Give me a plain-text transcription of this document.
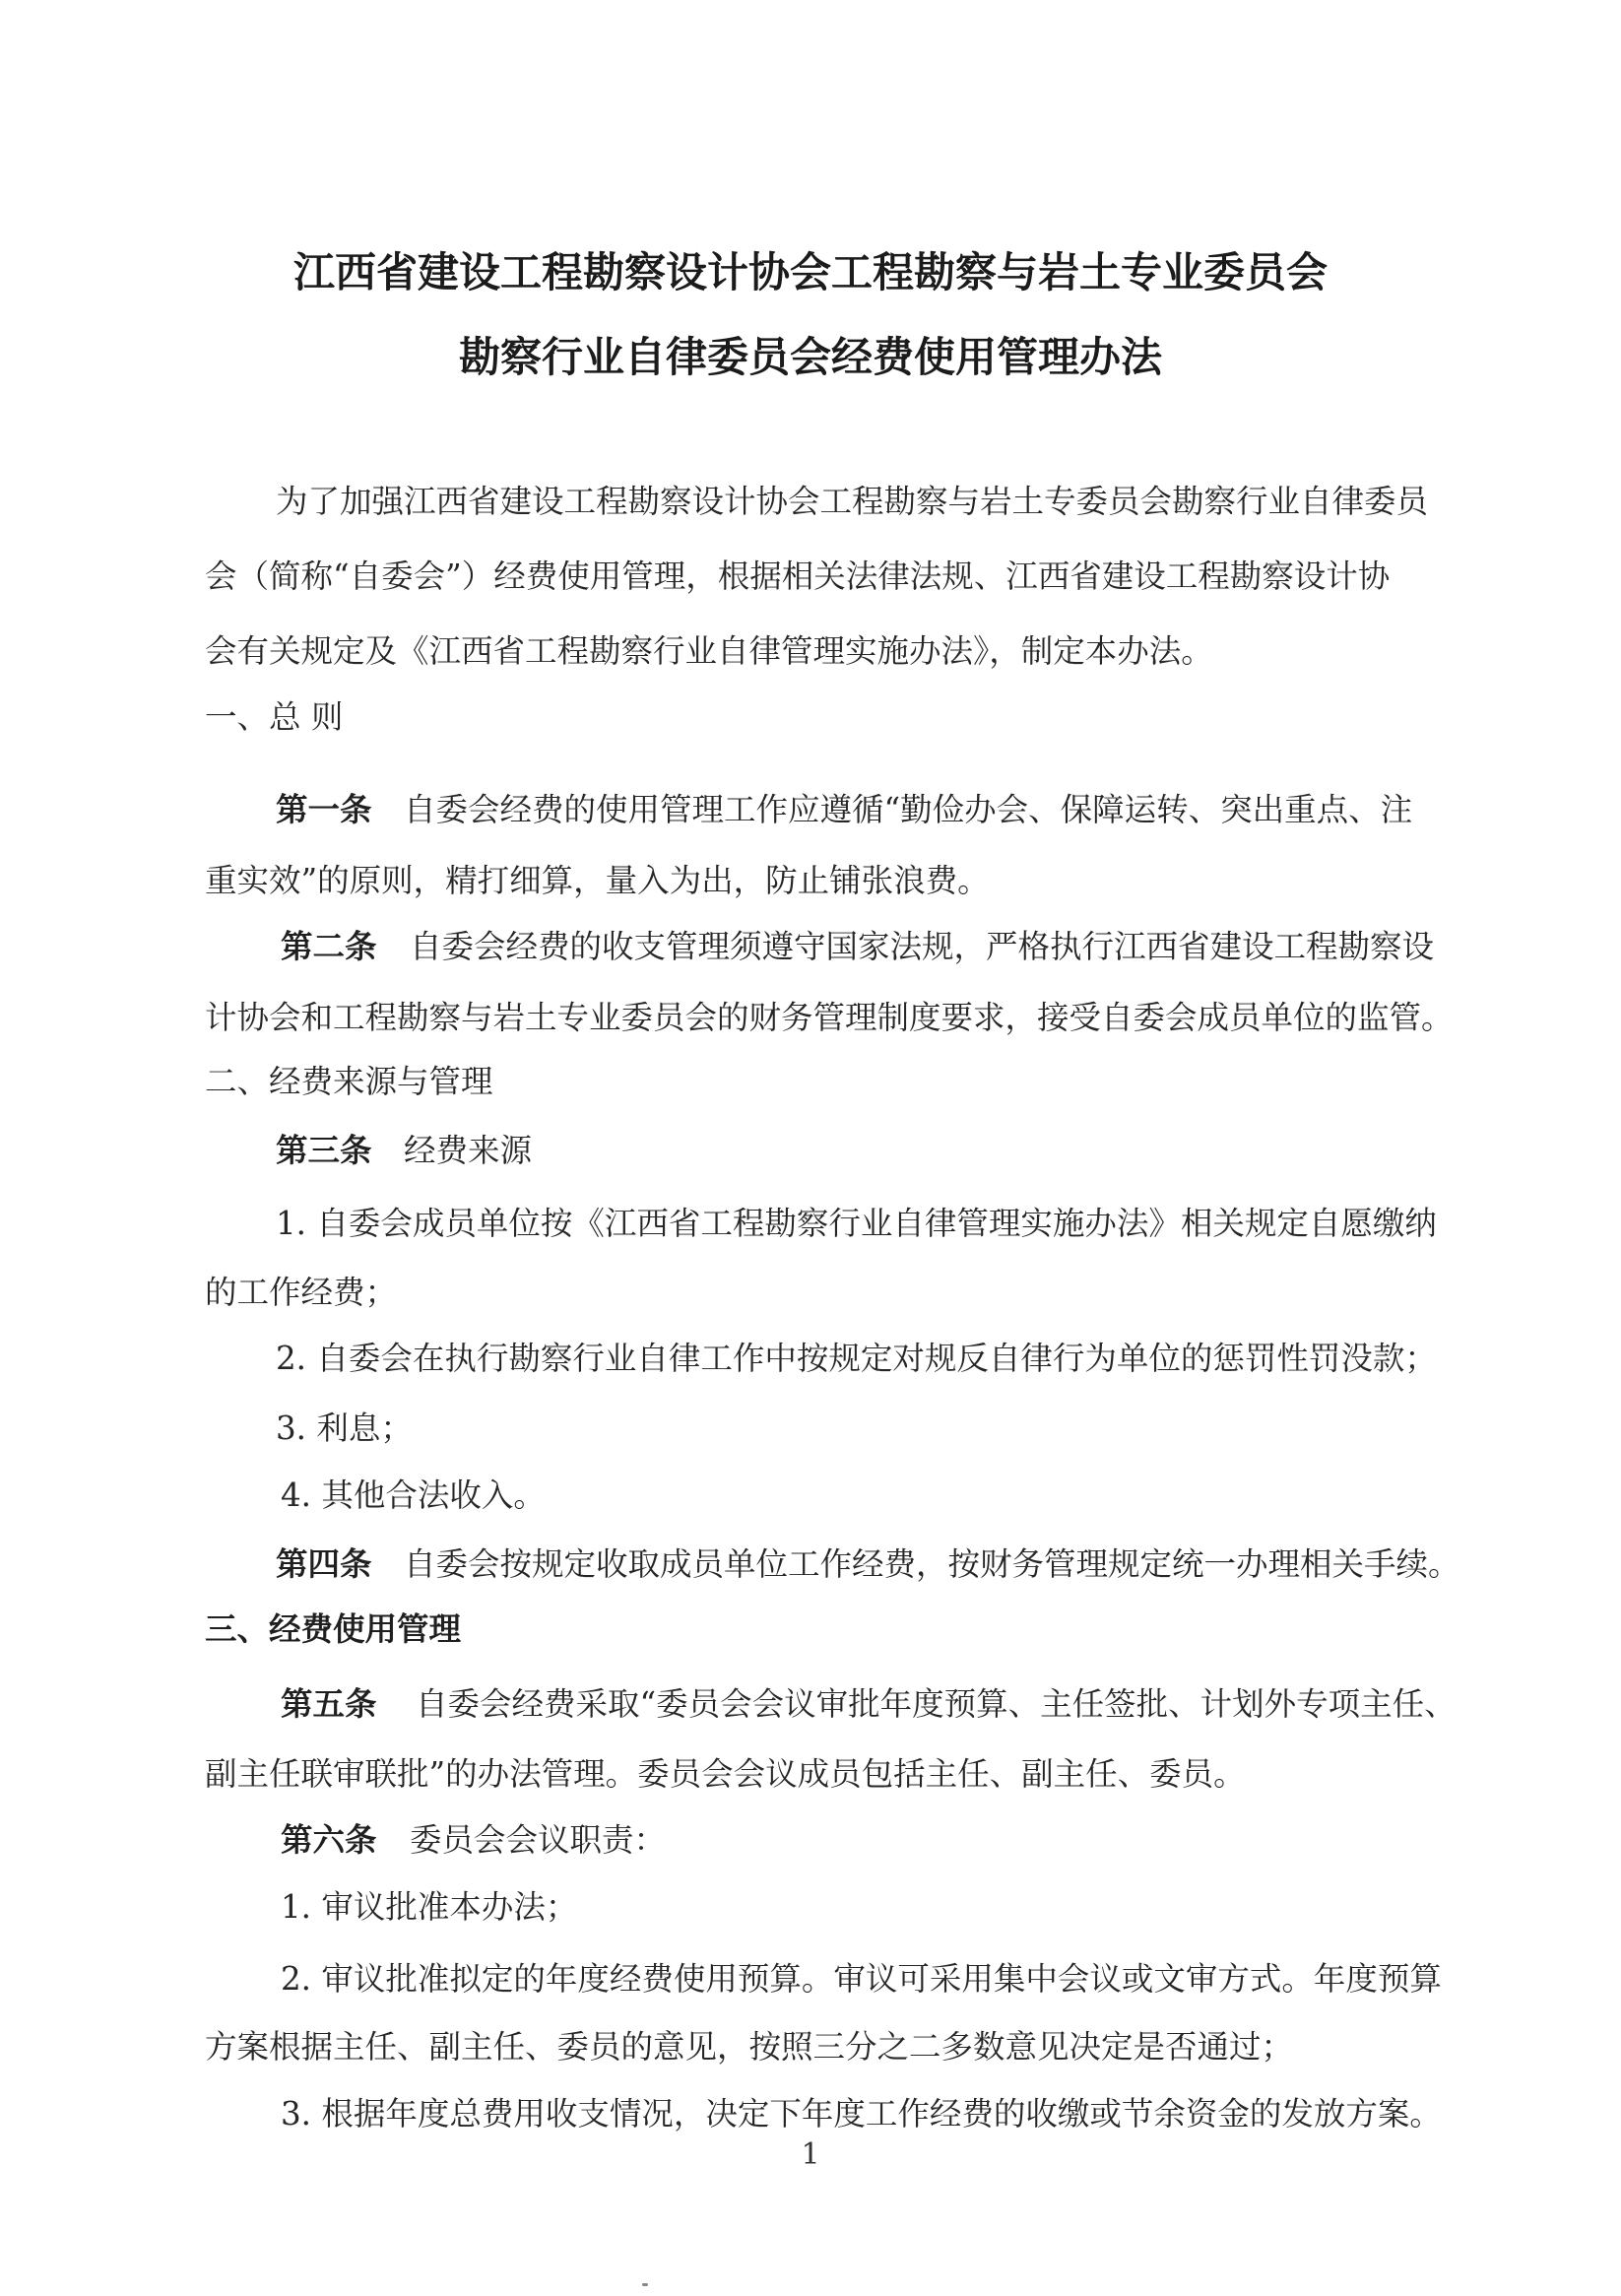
江西省建设工程勘察设计协会工程勘察与岩土专业委员会
勘察行业自律委员会经费使用管理办法
为了加强江西省建设工程勘察设计协会工程勘察与岩土专委员会勘察行业自律委员
会（简称“自委会”）经费使用管理，根据相关法律法规、江西省建设工程勘察设计协
会有关规定及《江西省工程勘察行业自律管理实施办法》，制定本办法。
一、总 则
第一条 自委会经费的使用管理工作应遵循“勤俭办会、保障运转、突出重点、注
重实效”的原则，精打细算，量入为出，防止铺张浪费。
第二条 自委会经费的收支管理须遵守国家法规，严格执行江西省建设工程勘察设
计协会和工程勘察与岩土专业委员会的财务管理制度要求，接受自委会成员单位的监管。
二、经费来源与管理
第三条 经费来源
1. 自委会成员单位按《江西省工程勘察行业自律管理实施办法》相关规定自愿缴纳
的工作经费；
2. 自委会在执行勘察行业自律工作中按规定对规反自律行为单位的惩罚性罚没款；
3. 利息；
4. 其他合法收入。
第四条 自委会按规定收取成员单位工作经费，按财务管理规定统一办理相关手续。
三、经费使用管理
第五条 自委会经费采取“委员会会议审批年度预算、主任签批、计划外专项主任、
副主任联审联批”的办法管理。委员会会议成员包括主任、副主任、委员。
第六条 委员会会议职责：
1. 审议批准本办法；
2. 审议批准拟定的年度经费使用预算。审议可采用集中会议或文审方式。年度预算
方案根据主任、副主任、委员的意见，按照三分之二多数意见决定是否通过；
3. 根据年度总费用收支情况，决定下年度工作经费的收缴或节余资金的发放方案。
1
